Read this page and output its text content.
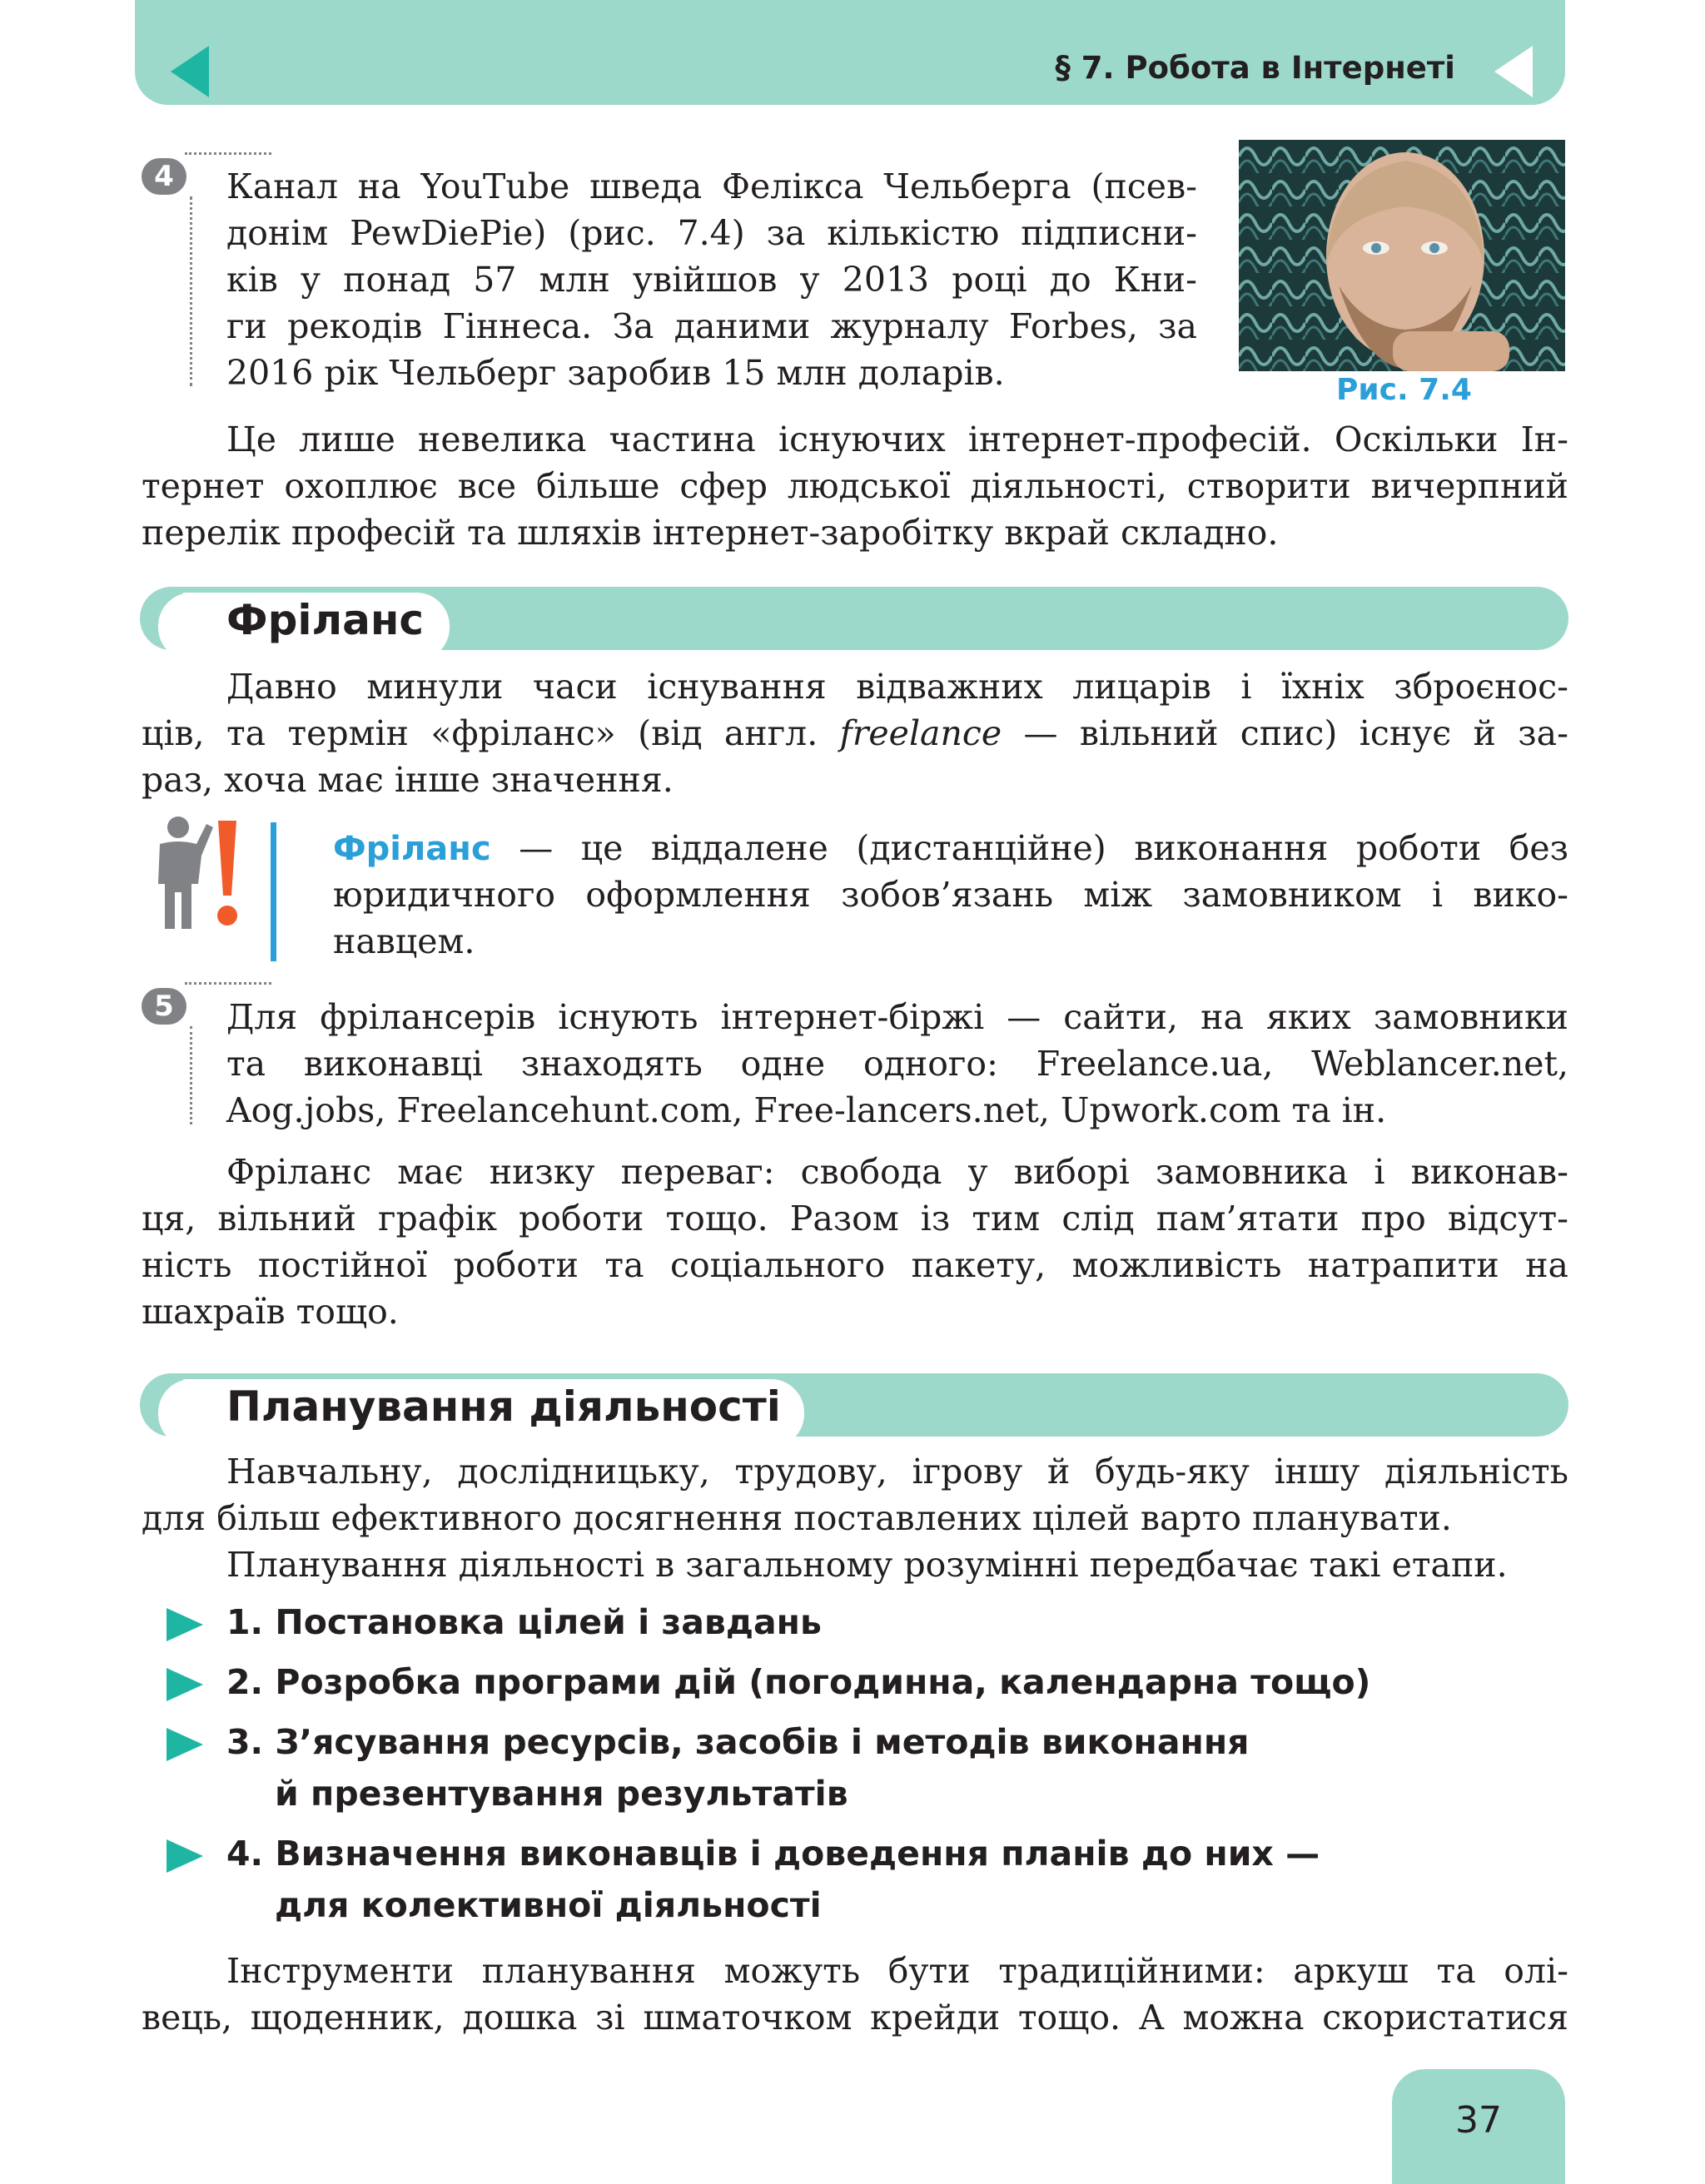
§ 7. Робота в Інтернеті
4	Канал на YouTube шведа Фелікса Чельберга (псев-
донім PewDiePie) (рис. 7.4) за кількістю підписни-
ків у понад 57 млн увійшов у 2013 році до Кни-
ги рекодів Гіннеса. За даними журналу Forbes, за
2016 рік Чельберг заробив 15 млн доларів.	Рис. 7.4
Це лише невелика частина існуючих інтернет-професій. Оскільки Ін-
тернет охоплює все більше сфер людської діяльності, створити вичерпний
перелік професій та шляхів інтернет-заробітку вкрай складно.
Фріланс
Давно минули часи існування відважних лицарів і їхніх зброєнос-
ців, та термін «фріланс» (від англ. freelance — вільний спис) існує й за-
раз, хоча має інше значення.
Фріланс — це віддалене (дистанційне) виконання роботи без
юридичного оформлення зобов’язань між замовником і вико-
навцем.
5	Для фрілансерів існують інтернет-біржі — сайти, на яких замовники
та виконавці знаходять одне одного: Freelance.ua, Weblancer.net,
Aog.jobs, Freelancehunt.com, Free-lancers.net, Upwork.com та ін.
Фріланс має низку переваг: свобода у виборі замовника і виконав-
ця, вільний графік роботи тощо. Разом із тим слід пам’ятати про відсут-
ність постійної роботи та соціального пакету, можливість натрапити на
шахраїв тощо.
Планування діяльності
Навчальну, дослідницьку, трудову, ігрову й будь-яку іншу діяльність
для більш ефективного досягнення поставлених цілей варто планувати.
Планування діяльності в загальному розумінні передбачає такі етапи.
1. Постановка цілей і завдань
2. Розробка програми дій (погодинна, календарна тощо)
3. З’ясування ресурсів, засобів і методів виконання
й презентування результатів
4. Визначення виконавців і доведення планів до них —
для колективної діяльності
Інструменти планування можуть бути традиційними: аркуш та олі-
вець, щоденник, дошка зі шматочком крейди тощо. А можна скористатися
37
